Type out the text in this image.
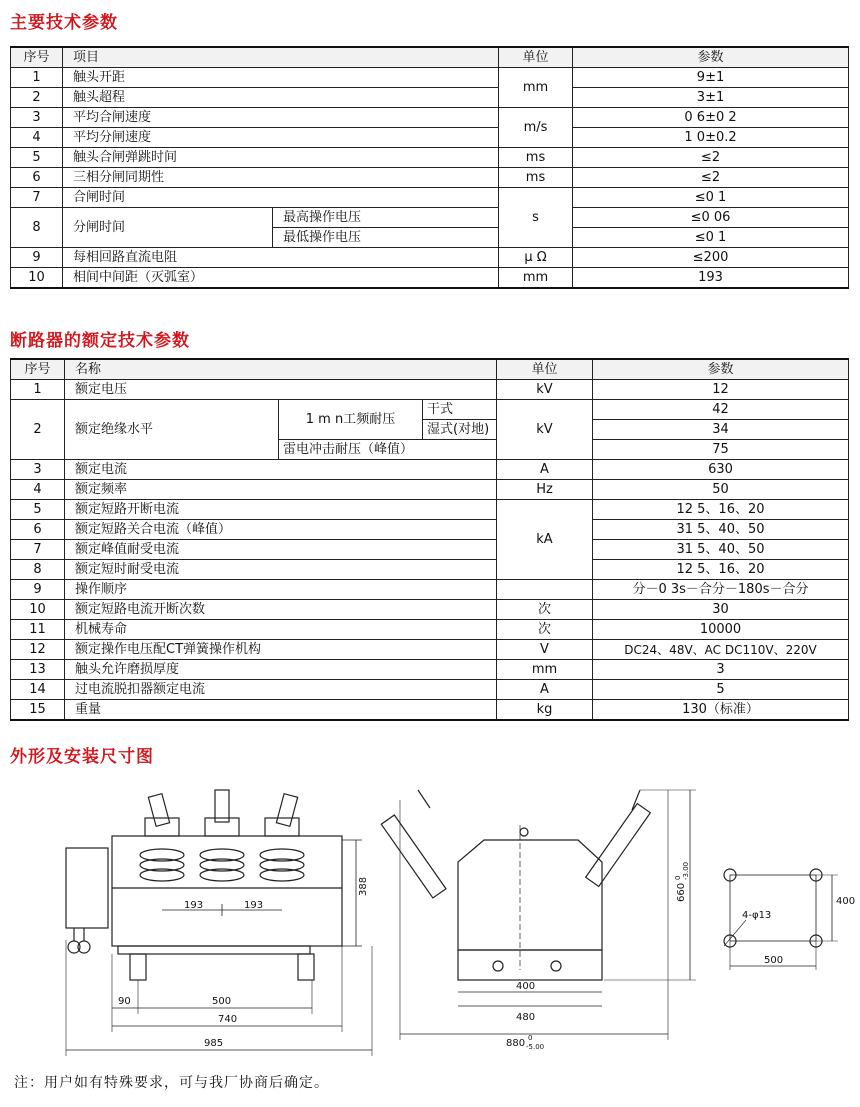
主要技术参数
序号	项目		单位	参数
1	触头开距		mm	9±1
2	触头超程			3±1
3	平均合闸速度		m/s	0 6±0 2
4	平均分闸速度			1 0±0.2
5	触头合闸弹跳时间		ms	≤2
6	三相分闸同期性		ms	≤2
7	合闸时间		s	≤0 1
8	分闸时间	最高操作电压		≤0 06
		最低操作电压		≤0 1
9	每相回路直流电阻		μ Ω	≤200
10	相间中间距（灭弧室）		mm	193
断路器的额定技术参数
序号	名称			单位	参数
1	额定电压			kV	12
2	额定绝缘水平	1 m n工频耐压	干式	kV	42
			湿式(对地)		34
		雷电冲击耐压（峰值）			75
3	额定电流			A	630
4	额定频率			Hz	50
5	额定短路开断电流			kA	12 5、16、20
6	额定短路关合电流（峰值）				31 5、40、50
7	额定峰值耐受电流				31 5、40、50
8	额定短时耐受电流				12 5、16、20
9	操作顺序				分－0 3s－合分－180s－合分
10	额定短路电流开断次数			次	30
11	机械寿命			次	10000
12	额定操作电压配CT弹簧操作机构			V	DC24、48V、AC DC110V、220V
13	触头允许磨损厚度			mm	3
14	过电流脱扣器额定电流			A	5
15	重量			kg	130（标准）
外形及安装尺寸图
193	193
388
90	500
740
985
400
480
880 0
-5.00
660
0 -3.00
4-φ13
400
500
注：用户如有特殊要求，可与我厂协商后确定。
